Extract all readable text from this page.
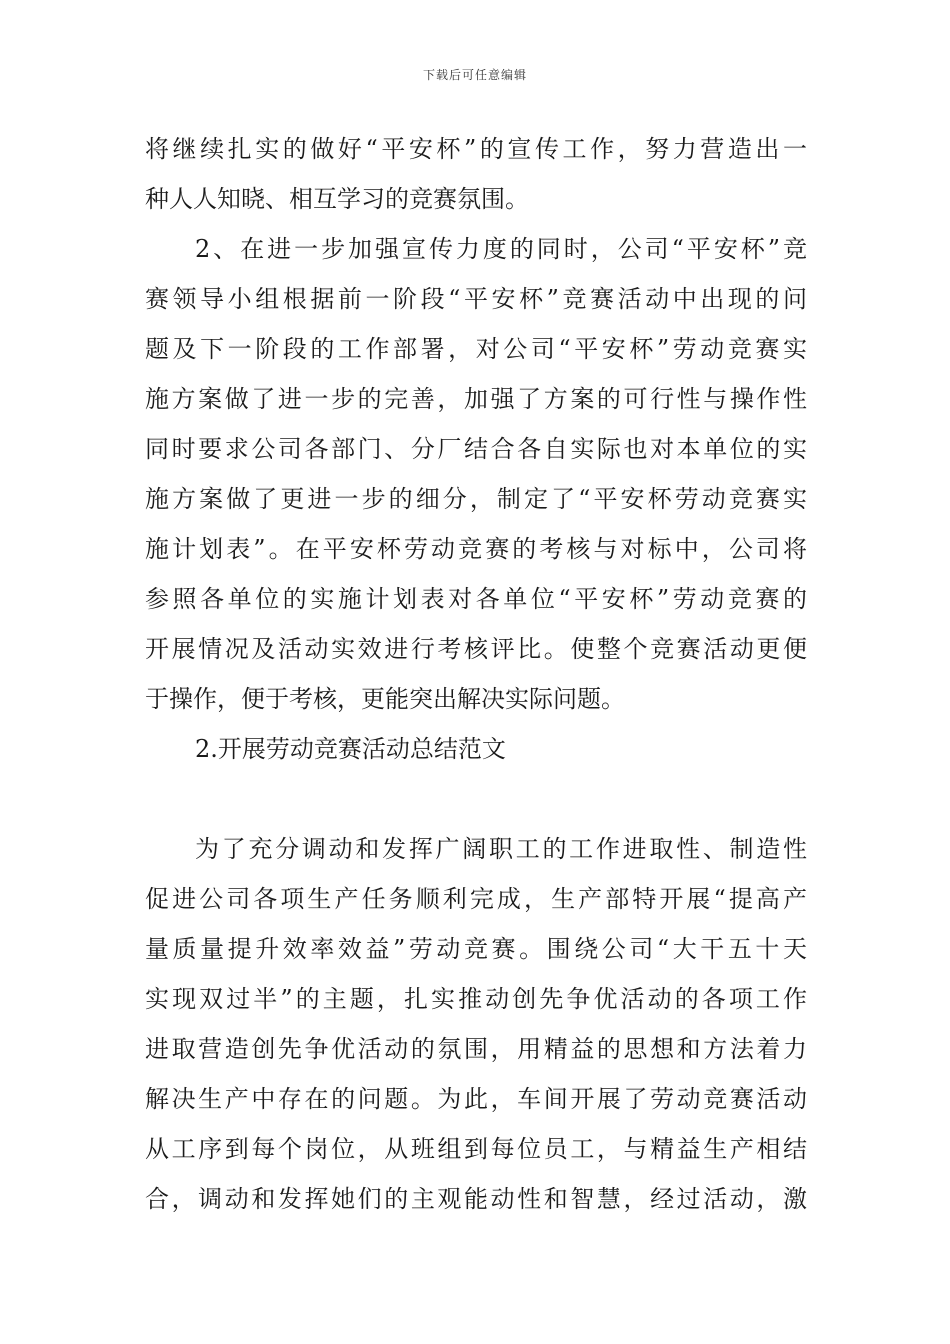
下载后可任意编辑
将继续扎实的做好“平安杯”的宣传工作，努力营造出一
种人人知晓、相互学习的竞赛氛围。
2、在进一步加强宣传力度的同时，公司“平安杯”竞
赛领导小组根据前一阶段“平安杯”竞赛活动中出现的问
题及下一阶段的工作部署，对公司“平安杯”劳动竞赛实
施方案做了进一步的完善，加强了方案的可行性与操作性
同时要求公司各部门、分厂结合各自实际也对本单位的实
施方案做了更进一步的细分，制定了“平安杯劳动竞赛实
施计划表”。在平安杯劳动竞赛的考核与对标中，公司将
参照各单位的实施计划表对各单位“平安杯”劳动竞赛的
开展情况及活动实效进行考核评比。使整个竞赛活动更便
于操作，便于考核，更能突出解决实际问题。
2.开展劳动竞赛活动总结范文
为了充分调动和发挥广阔职工的工作进取性、制造性
促进公司各项生产任务顺利完成，生产部特开展“提高产
量质量提升效率效益”劳动竞赛。围绕公司“大干五十天
实现双过半”的主题，扎实推动创先争优活动的各项工作
进取营造创先争优活动的氛围，用精益的思想和方法着力
解决生产中存在的问题。为此，车间开展了劳动竞赛活动
从工序到每个岗位，从班组到每位员工，与精益生产相结
合，调动和发挥她们的主观能动性和智慧，经过活动，激
